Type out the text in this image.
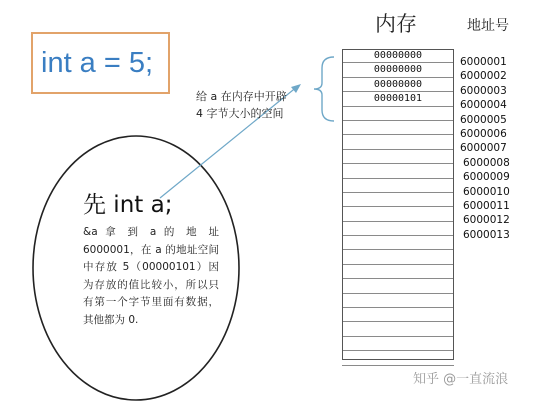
int a = 5;
内存	地址号
00000000
00000000
00000000
00000101
6000001
6000002
6000003
6000004
6000005
6000006
6000007
6000008
6000009
6000010
6000011
6000012
6000013
给 a 在内存中开辟 4 字节大小的空间
先 int a;
&a 拿 到 a 的 地 址 6000001，在 a 的地址空间中存放 5（00000101）因为存放的值比较小，所以只有第一个字节里面有数据，其他都为 0.
知乎 @一直流浪
